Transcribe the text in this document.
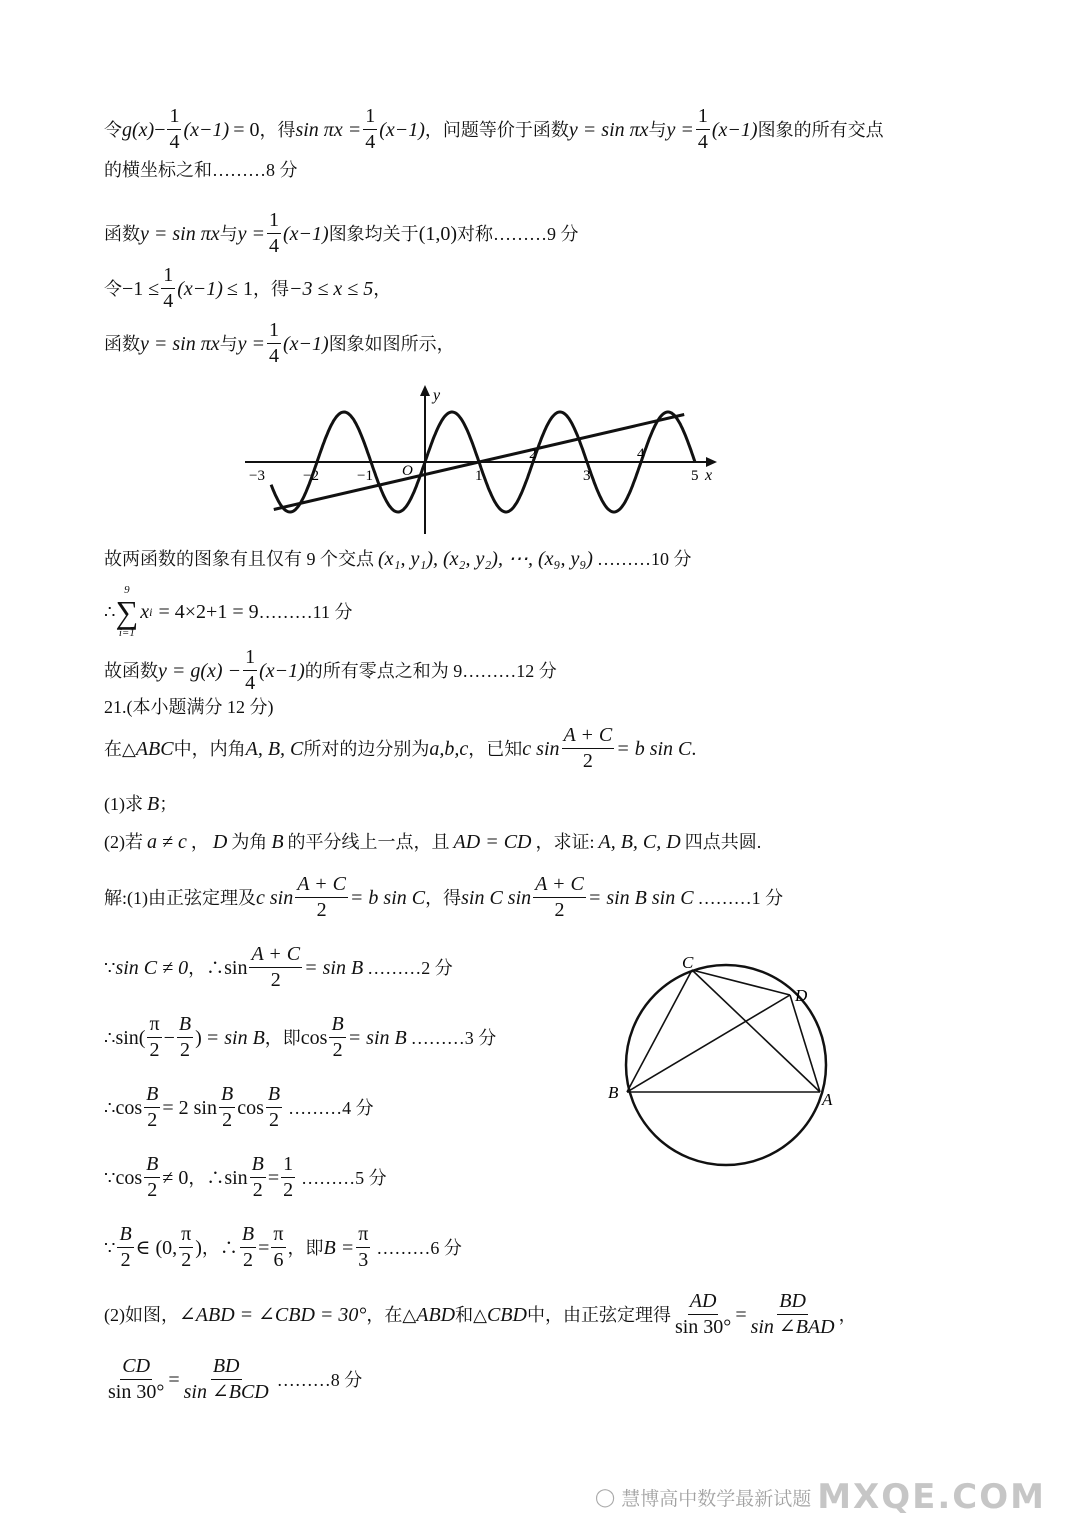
令 $g(x) - \frac{1}{4} (x-1) = 0$ ，得 $\sin \pi x = \frac{1}{4} (x-1)$ ，问题等价于函数 y = sin πx 与 $y = \frac{1}{4} (x-1)$ 图象的所有交点
的横坐标之和………8 分
函数 y = sin πx 与 $y = \frac{1}{4} (x-1)$ 图象均关于 (1,0) 对称………9 分
令 $-1 \le \frac{1}{4} (x-1) \le 1$ ，得 −3 ≤ x ≤ 5 ，
函数 y = sin πx 与 $y = \frac{1}{4} (x-1)$ 图象如图所示，
−3	−2	−1	1
2
3
4
5
O	x
y
故两函数的图象有且仅有 9 个交点 (x₁, y₁), (x₂, y₂), ⋯, (x₉, y₉) ………10 分
∴
9
∑
i=1
x i = 4×2+1 = 9 ………11 分
故函数 $y = g(x) - \frac{1}{4} (x-1)$ 的所有零点之和为 9………12 分
21.(本小题满分 12 分)
在△ ABC 中，内角 A, B, C 所对的边分别为 a,b,c ，已知 c $\sin \frac{A + C}{2} = b$ sin C .
(1)求 B ；
(2)若 a ≠ c ， D 为角 B 的平分线上一点，且 AD = CD ，求证: A, B, C, D 四点共圆.
解:(1)由正弦定理及 c $\sin \frac{A + C}{2} = b$ sin C ，得 sin C $\sin \frac{A + C}{2} = \sin B$ sin C ………1 分
∵ sin C ≠ 0 ，∴ $\sin \frac{A + C}{2} = \sin B$ ………2 分
∴ $\sin( \frac{\pi}{2} - \frac{B}{2}$ ) = sin B ，即 $\cos \frac{B}{2} = \sin B$ ………3 分
∴ $\cos \frac{B}{2} = 2$ $\sin \frac{B}{2}$ $\cos \frac{B}{2}$ ………4 分
∵ $\cos \frac{B}{2} \ne 0$ ，∴ $\sin \frac{B}{2} = \frac{1}{2}$ ………5 分
∵ $\frac{B}{2}$ ∈ (0, $\frac{\pi}{2}$ ) ，∴ $\frac{B}{2} = \frac{\pi}{6}$ ，即 $B = \frac{\pi}{3}$ ………6 分
(2)如图， ∠ABD = ∠CBD = 30° ，在△ ABD 和△ CBD 中，由正弦定理得 $\frac{AD}{\sin 30^\circ} = \frac{BD}{\text{sin ∠BAD}}$ ，
$\frac{CD}{\sin 30^\circ} = \frac{BD}{\text{sin ∠BCD}}$ ………8 分
C
D
B	A
◯ 慧博高中数学最新试题 MXQE.COM
